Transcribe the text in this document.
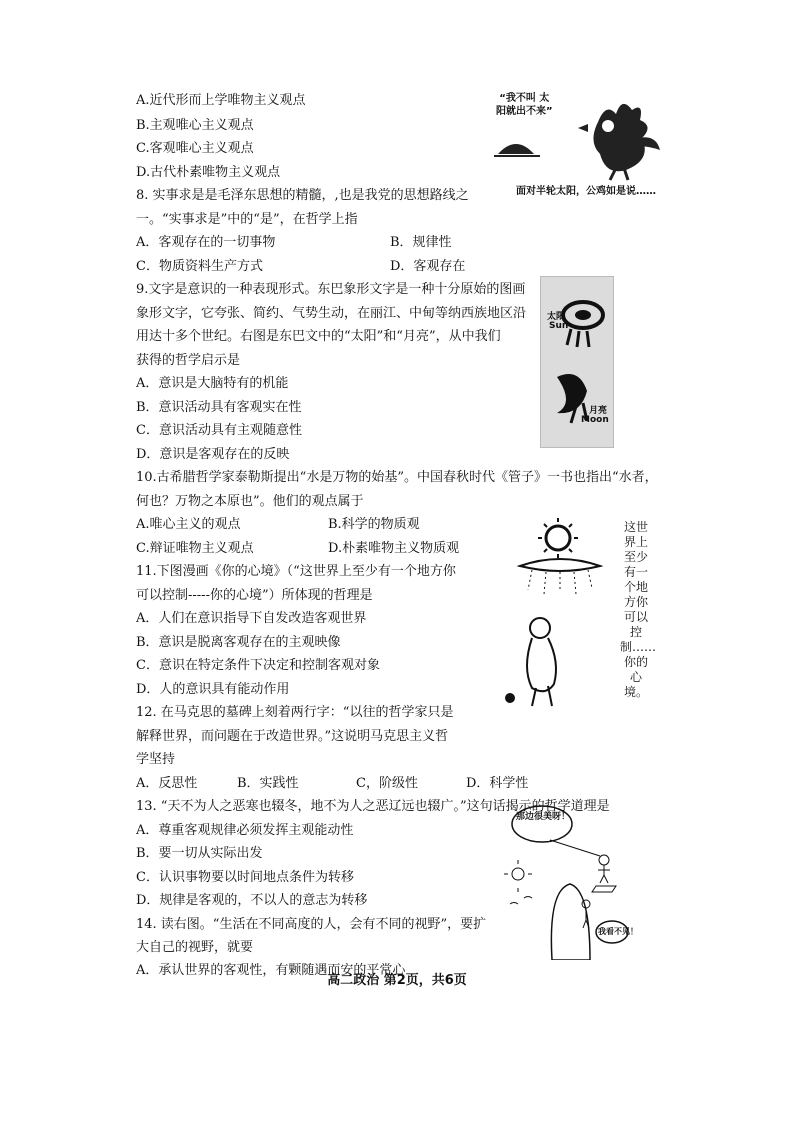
A.近代形而上学唯物主义观点
B.主观唯心主义观点
C.客观唯心主义观点
D.古代朴素唯物主义观点
8. 实事求是是毛泽东思想的精髓，,也是我党的思想路线之
一。“实事求是”中的“是”，在哲学上指
A．客观存在的一切事物	B．规律性
C．物质资料生产方式	D．客观存在
9.文字是意识的一种表现形式。东巴象形文字是一种十分原始的图画
象形文字，它夸张、简约、气势生动，在丽江、中甸等纳西族地区沿
用达十多个世纪。右图是东巴文中的“太阳”和“月亮”，从中我们
获得的哲学启示是
A．意识是大脑特有的机能
B．意识活动具有客观实在性
C．意识活动具有主观随意性
D．意识是客观存在的反映
10.古希腊哲学家泰勒斯提出“水是万物的始基”。中国春秋时代《管子》一书也指出“水者，
何也？万物之本原也”。他们的观点属于
A.唯心主义的观点	B.科学的物质观
C.辩证唯物主义观点	D.朴素唯物主义物质观
11.下图漫画《你的心境》（“这世界上至少有一个地方你
可以控制-----你的心境”）所体现的哲理是
A．人们在意识指导下自发改造客观世界
B．意识是脱离客观存在的主观映像
C．意识在特定条件下决定和控制客观对象
D．人的意识具有能动作用
12. 在马克思的墓碑上刻着两行字：“以往的哲学家只是
解释世界，而问题在于改造世界。”这说明马克思主义哲
学坚持
A．反思性	B．实践性	C，阶级性	D．科学性
13. “天不为人之恶寒也辍冬，地不为人之恶辽远也辍广。”这句话揭示的哲学道理是
A．尊重客观规律必须发挥主观能动性
B．要一切从实际出发
C．认识事物要以时间地点条件为转移
D．规律是客观的，不以人的意志为转移
14. 读右图。“生活在不同高度的人，会有不同的视野”，要扩
大自己的视野，就要
A．承认世界的客观性，有颗随遇而安的平常心
“我不叫 太
阳就出不来”
面对半轮太阳，公鸡如是说……
太阳
Sun
月亮
Moon
这世界上至少有一个地方你可以控制……你的心境。
那边很美呀！
我看不见！
高二政治 第2页，共6页
